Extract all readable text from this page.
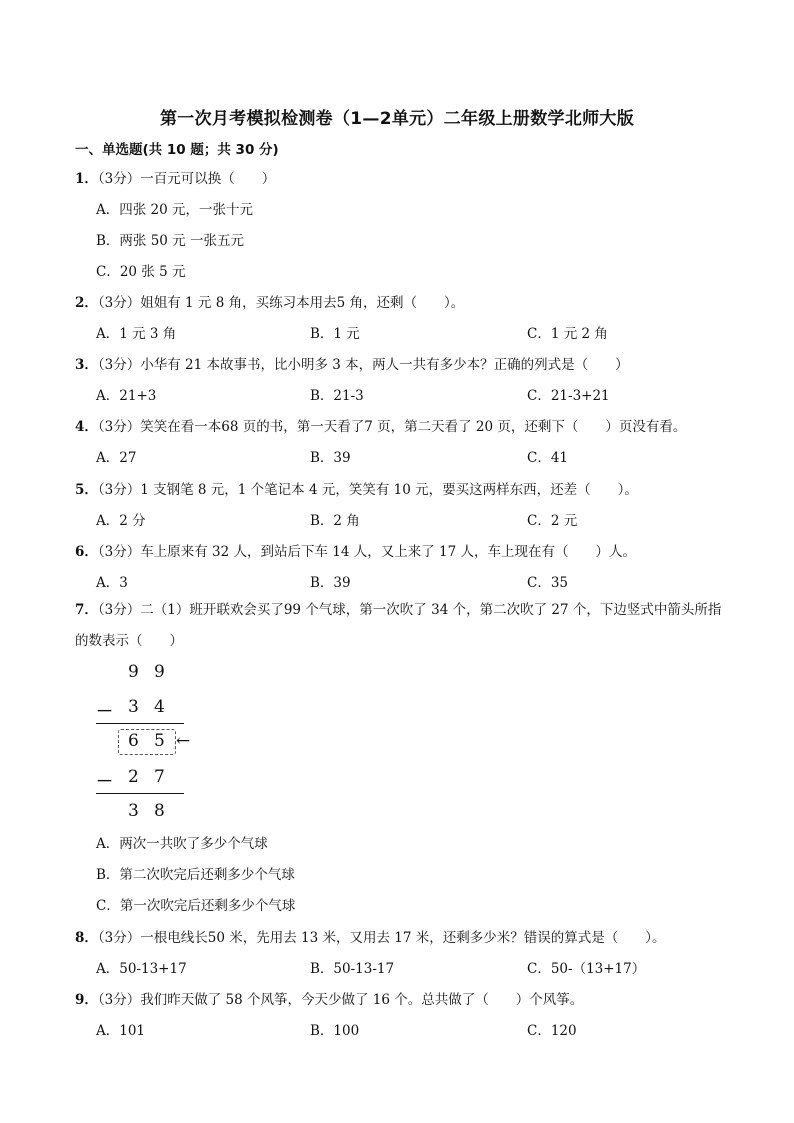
第一次月考模拟检测卷（1—2单元）二年级上册数学北师大版
一、单选题(共 10 题；共 30 分)
1．（3分）一百元可以换（　　）
A．四张 20 元，一张十元
B．两张 50 元 一张五元
C．20 张 5 元
2．（3分）姐姐有 1 元 8 角，买练习本用去5 角，还剩（　　）。
A．1 元 3 角	B．1 元	C．1 元 2 角
3．（3分）小华有 21 本故事书，比小明多 3 本，两人一共有多少本？正确的列式是（　　）
A．21+3	B．21-3	C．21-3+21
4．（3分）笑笑在看一本68 页的书，第一天看了7 页，第二天看了 20 页，还剩下（　　）页没有看。
A．27	B．39	C．41
5．（3分）1 支钢笔 8 元，1 个笔记本 4 元，笑笑有 10 元，要买这两样东西，还差（　　）。
A．2 分	B．2 角	C．2 元
6．（3分）车上原来有 32 人，到站后下车 14 人，又上来了 17 人，车上现在有（　　）人。
A．3	B．39	C．35
7．（3分）二（1）班开联欢会买了99 个气球，第一次吹了 34 个，第二次吹了 27 个，下边竖式中箭头所指的数表示（　　）
9 9
－ 3 4
6 5 ←
－ 2 7
3 8
A．两次一共吹了多少个气球
B．第二次吹完后还剩多少个气球
C．第一次吹完后还剩多少个气球
8．（3分）一根电线长50 米，先用去 13 米，又用去 17 米，还剩多少米？错误的算式是（　　）。
A．50-13+17	B．50-13-17	C．50-（13+17）
9．（3分）我们昨天做了 58 个风筝，今天少做了 16 个。总共做了（　　）个风筝。
A．101	B．100	C．120
